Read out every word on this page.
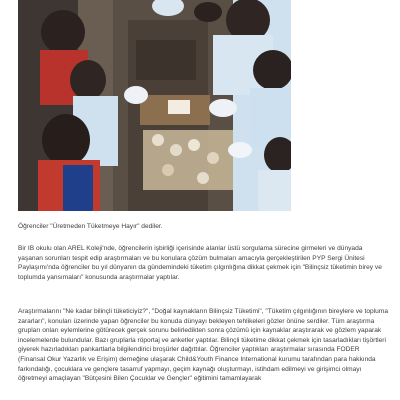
Öğrenciler "Üretmeden Tüketmeye Hayır" dediler.

Bir IB okulu olan AREL Koleji'nde, öğrencilerin işbirliği içerisinde alanlar üstü sorgulama sürecine girmeleri ve dünyada yaşanan sorunları tespit edip araştırmaları ve bu konulara çözüm bulmaları amacıyla gerçekleştirilen PYP Sergi Ünitesi Paylaşımı'nda öğrenciler bu yıl dünyanın da gündemindeki tüketim çılgınlığına dikkat çekmek için "Bilinçsiz tüketimin birey ve toplumda yansımaları" konusunda araştırmalar yaptılar.

Araştırmalarını "Ne kadar bilinçli tüketiciyiz?", "Doğal kaynakların Bilinçsiz Tüketimi", "Tüketim çılgınlığının bireylere ve topluma zararları", konuları üzerinde yapan öğrenciler bu konuda dünyayı bekleyen tehlikeleri gözler önüne serdiler. Tüm araştırma grupları onları eylemlerine götürecek gerçek sorunu belirledikten sonra çözümü için kaynaklar araştırarak ve gözlem yaparak incelemelerde bulundular. Bazı gruplarla röportaj ve anketler yaptılar. Bilinçli tüketime dikkat çekmek için tasarladıkları tişörtleri giyerek hazırladıkları pankartlarla bilgilendirici broşürler dağıttılar. Öğrenciler yaptıkları araştırmalar sırasında FODER (Finansal Okur Yazarlık ve Erişim) derneğine ulaşarak Child&Youth Finance International kurumu tarafından para hakkında farkındalığı, çocuklara ve gençlere tasarruf yapmayı, geçim kaynağı oluşturmayı, istihdam edilmeyi ve girişimci olmayı öğretmeyi amaçlayan "Bütçesini Bilen Çocuklar ve Gençler" eğitimini tamamlayarak
